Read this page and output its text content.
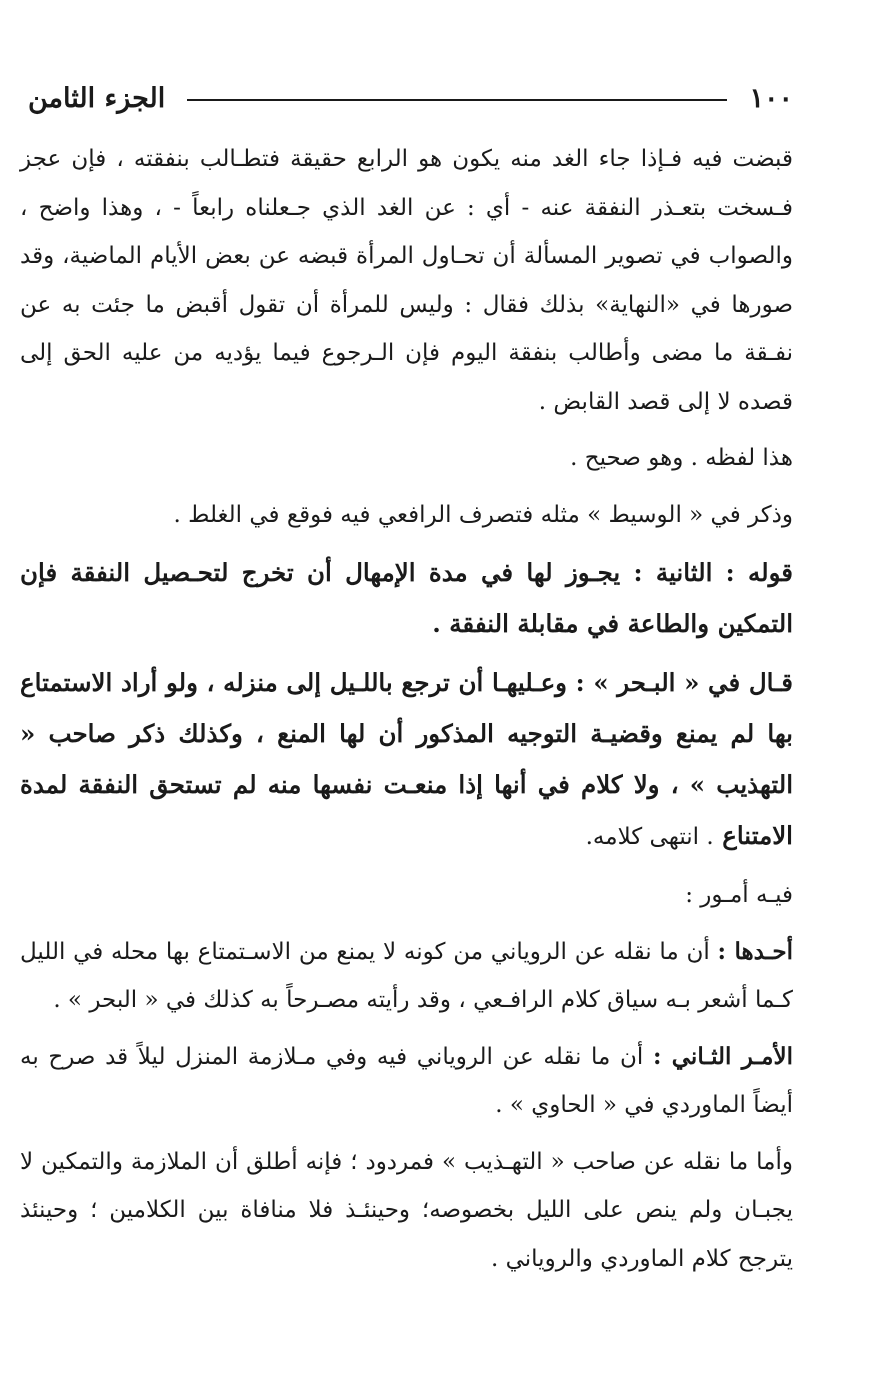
١٠٠
الجزء الثامن

قبضت فيه فـإذا جاء الغد منه يكون هو الرابع حقيقة فتطـالب بنفقته ، فإن عجز فـسخت بتعـذر النفقة عنه - أي : عن الغد الذي جـعلناه رابعاً - ، وهذا واضح ، والصواب في تصوير المسألة أن تحـاول المرأة قبضه عن بعض الأيام الماضية، وقد صورها في «النهاية» بذلك فقال : وليس للمرأة أن تقول أقبض ما جئت به عن نفـقة ما مضى وأطالب بنفقة اليوم فإن الـرجوع فيما يؤديه من عليه الحق إلى قصده لا إلى قصد القابض .

هذا لفظه . وهو صحيح .

وذكر في « الوسيط » مثله فتصرف الرافعي فيه فوقع في الغلط .

قوله : الثانية : يجـوز لها في مدة الإمهال أن تخرج لتحـصيل النفقة فإن التمكين والطاعة في مقابلة النفقة .

قـال في « البـحر » : وعـليهـا أن ترجع باللـيل إلى منزله ، ولو أراد الاستمتاع بها لم يمنع وقضيـة التوجيه المذكور أن لها المنع ، وكذلك ذكر صاحب « التهذيب » ، ولا كلام في أنها إذا منعـت نفسها منه لم تستحق النفقة لمدة الامتناع . انتهى كلامه.

فيـه أمـور :

أحـدها : أن ما نقله عن الروياني من كونه لا يمنع من الاسـتمتاع بها محله في الليل كـما أشعر بـه سياق كلام الرافـعي ، وقد رأيته مصـرحاً به كذلك في « البحر » .

الأمـر الثـاني : أن ما نقله عن الروياني فيه وفي مـلازمة المنزل ليلاً قد صرح به أيضاً الماوردي في « الحاوي » .

وأما ما نقله عن صاحب « التهـذيب » فمردود ؛ فإنه أطلق أن الملازمة والتمكين لا يجبـان ولم ينص على الليل بخصوصه؛ وحينئـذ فلا منافاة بين الكلامين ؛ وحينئذ يترجح كلام الماوردي والروياني .
